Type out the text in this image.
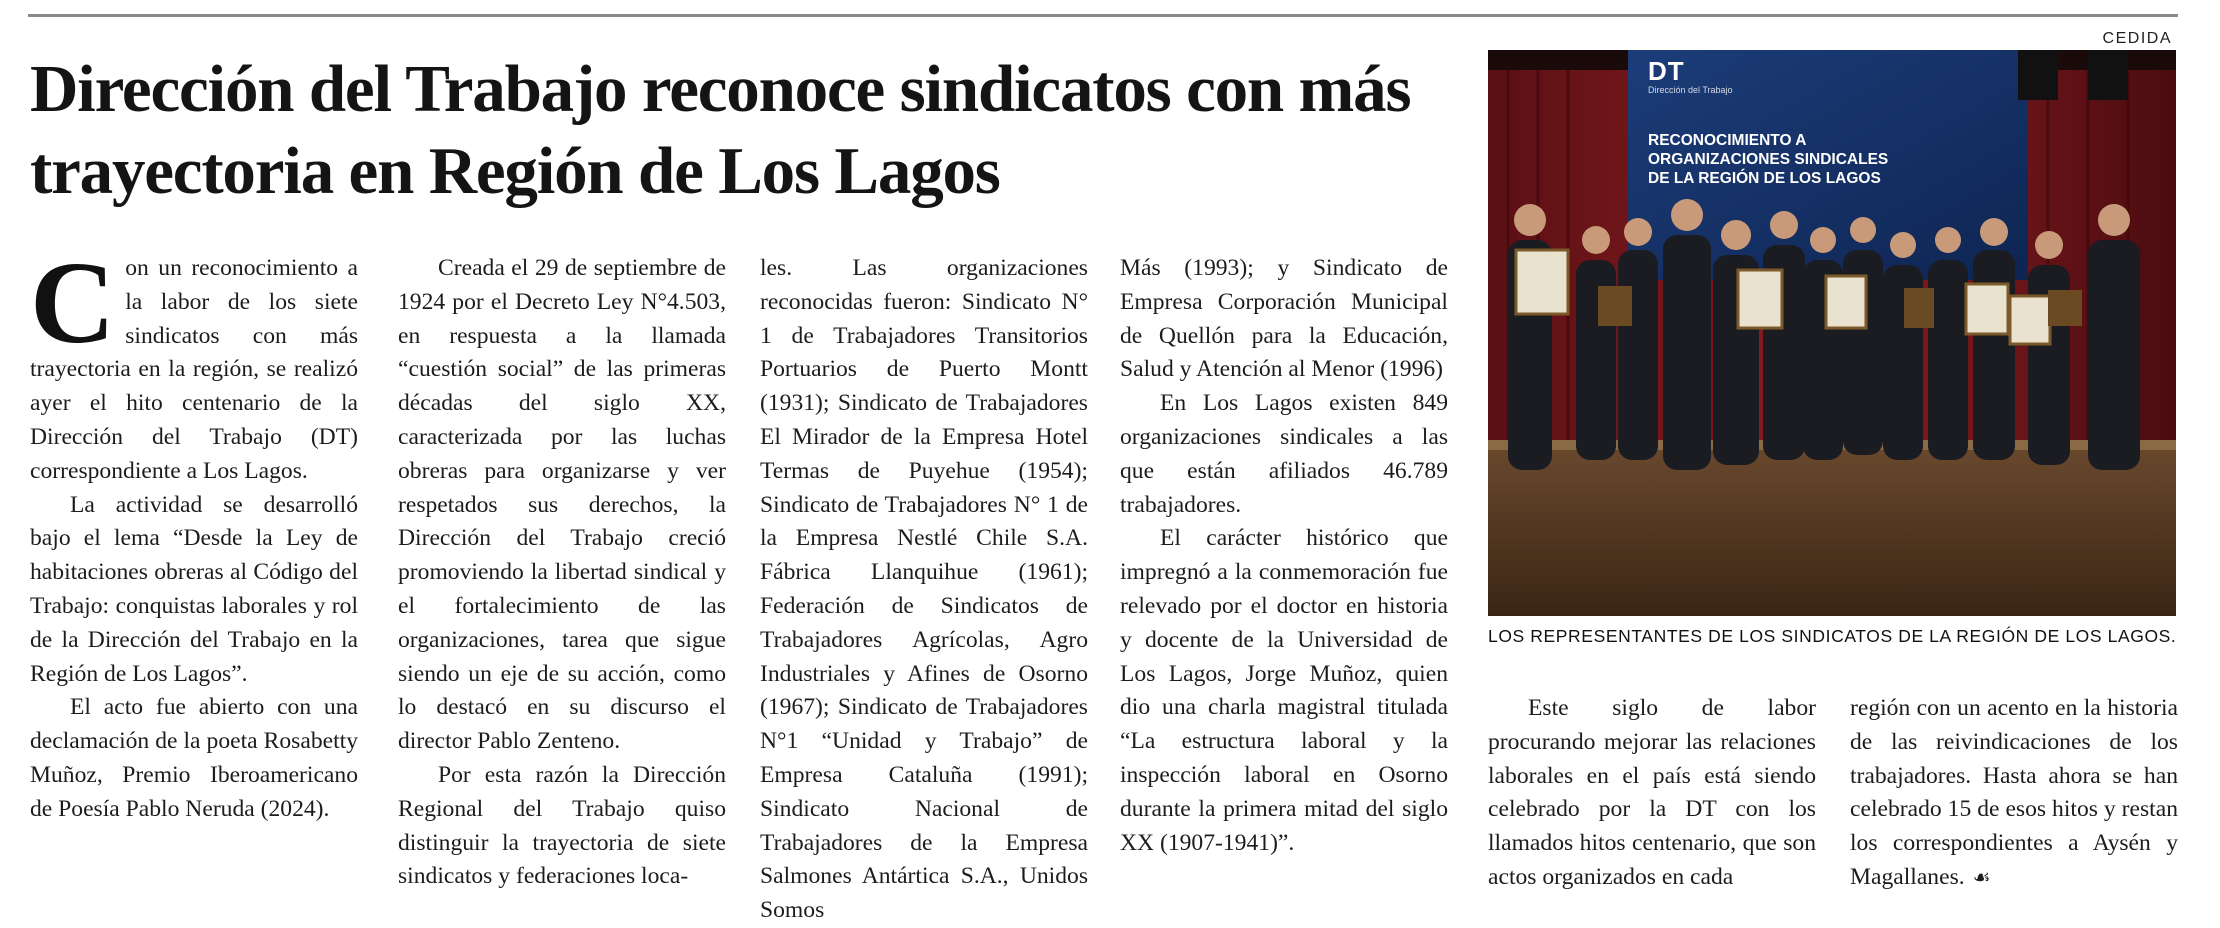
CEDIDA
Dirección del Trabajo reconoce sindicatos con más trayectoria en Región de Los Lagos

Con un reconocimiento a la labor de los siete sindicatos con más trayectoria en la región, se realizó ayer el hito centenario de la Dirección del Trabajo (DT) correspondiente a Los Lagos.

La actividad se desarrolló bajo el lema “Desde la Ley de habitaciones obreras al Código del Trabajo: conquistas laborales y rol de la Dirección del Trabajo en la Región de Los Lagos”.

El acto fue abierto con una declamación de la poeta Rosabetty Muñoz, Premio Iberoamericano de Poesía Pablo Neruda (2024).

Creada el 29 de septiembre de 1924 por el Decreto Ley N°4.503, en respuesta a la llamada “cuestión social” de las primeras décadas del siglo XX, caracterizada por las luchas obreras para organizarse y ver respetados sus derechos, la Dirección del Trabajo creció promoviendo la libertad sindical y el fortalecimiento de las organizaciones, tarea que sigue siendo un eje de su acción, como lo destacó en su discurso el director Pablo Zenteno.

Por esta razón la Dirección Regional del Trabajo quiso distinguir la trayectoria de siete sindicatos y federaciones loca-

les. Las organizaciones reconocidas fueron: Sindicato N° 1 de Trabajadores Transitorios Portuarios de Puerto Montt (1931); Sindicato de Trabajadores El Mirador de la Empresa Hotel Termas de Puyehue (1954); Sindicato de Trabajadores N° 1 de la Empresa Nestlé Chile S.A. Fábrica Llanquihue (1961); Federación de Sindicatos de Trabajadores Agrícolas, Agro Industriales y Afines de Osorno (1967); Sindicato de Trabajadores N°1 “Unidad y Trabajo” de Empresa Cataluña (1991); Sindicato Nacional de Trabajadores de la Empresa Salmones Antártica S.A., Unidos Somos

Más (1993); y Sindicato de Empresa Corporación Municipal de Quellón para la Educación, Salud y Atención al Menor (1996)

En Los Lagos existen 849 organizaciones sindicales a las que están afiliados 46.789 trabajadores.

El carácter histórico que impregnó a la conmemoración fue relevado por el doctor en historia y docente de la Universidad de Los Lagos, Jorge Muñoz, quien dio una charla magistral titulada “La estructura laboral y la inspección laboral en Osorno durante la primera mitad del siglo XX (1907-1941)”.

DT
Dirección del Trabajo
RECONOCIMIENTO A
ORGANIZACIONES SINDICALES
DE LA REGIÓN DE LOS LAGOS
LOS REPRESENTANTES DE LOS SINDICATOS DE LA REGIÓN DE LOS LAGOS.

Este siglo de labor procurando mejorar las relaciones laborales en el país está siendo celebrado por la DT con los llamados hitos centenario, que son actos organizados en cada

región con un acento en la historia de las reivindicaciones de los trabajadores. Hasta ahora se han celebrado 15 de esos hitos y restan los correspondientes a Aysén y Magallanes. ☙
